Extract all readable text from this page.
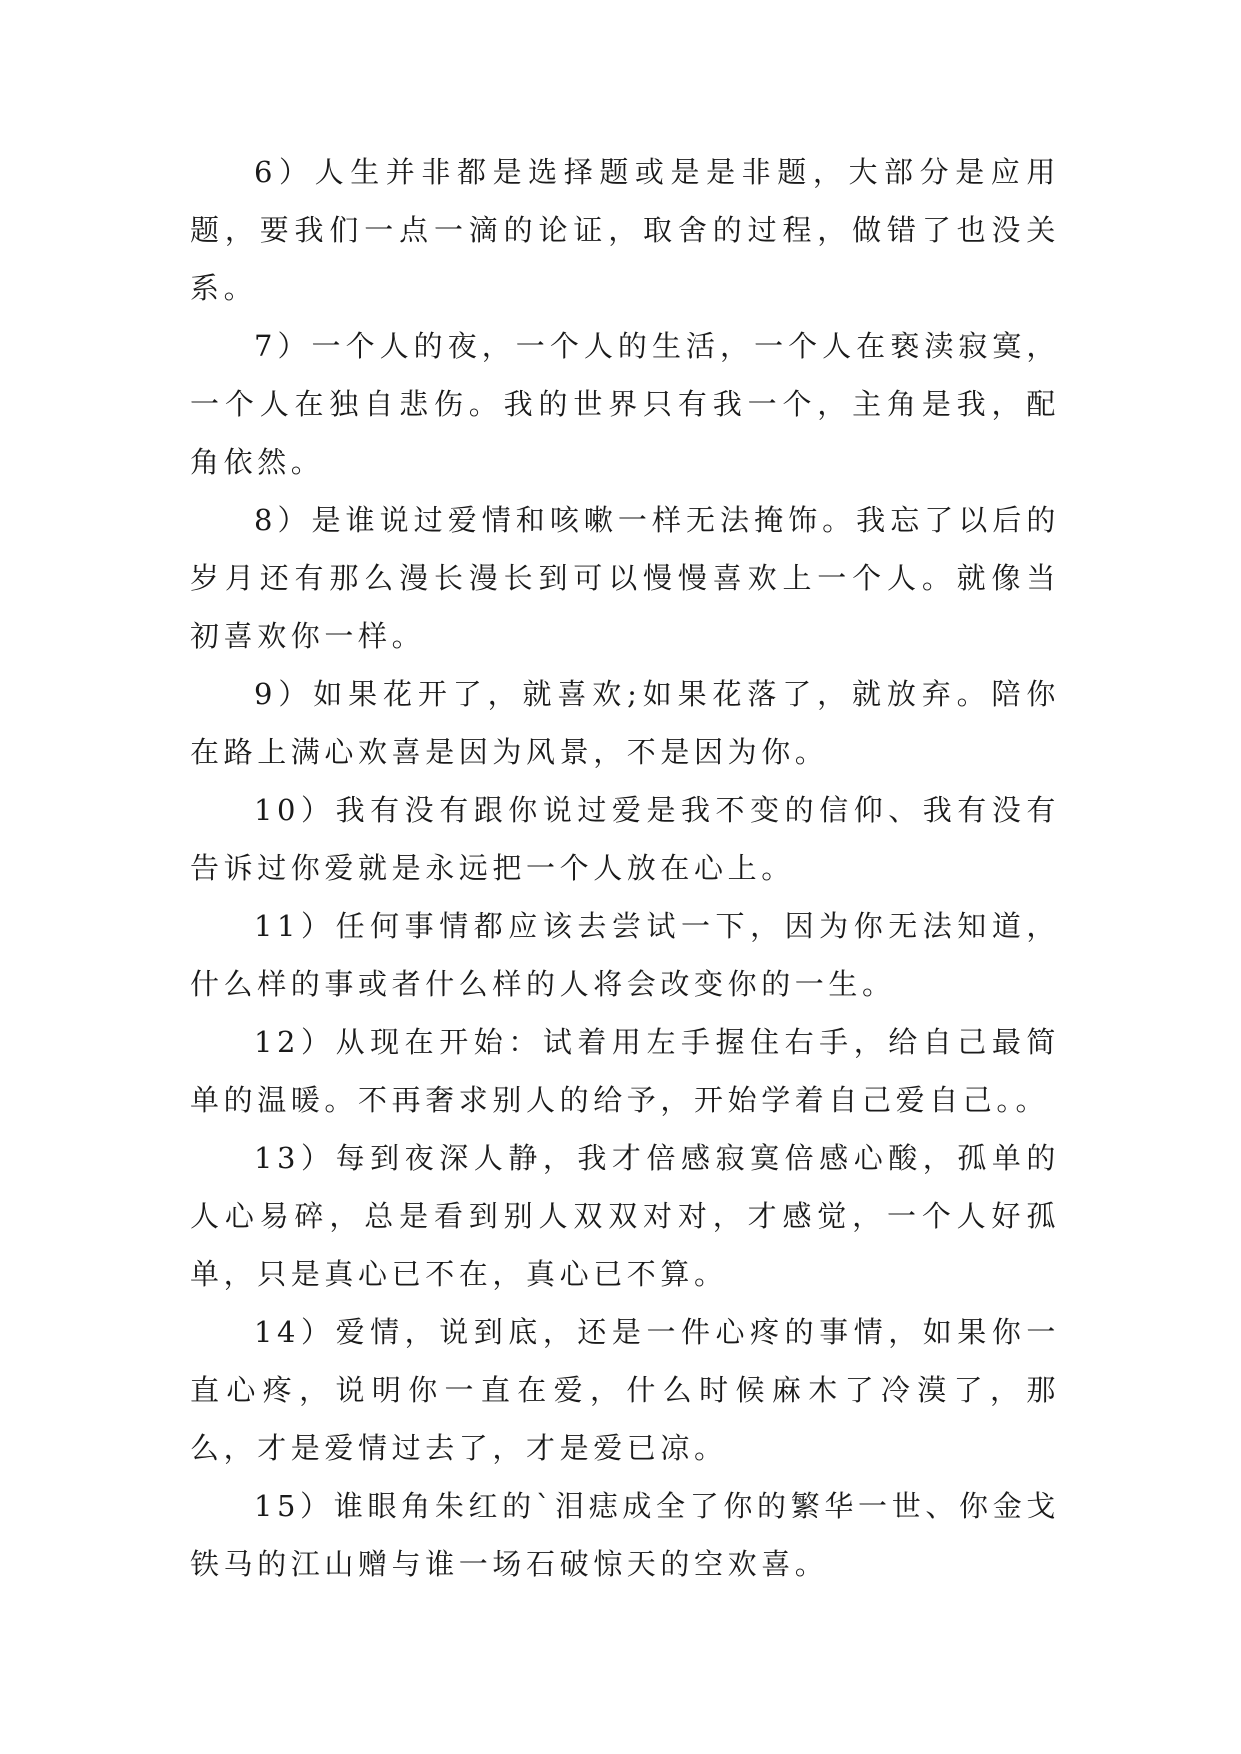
6）人生并非都是选择题或是是非题，大部分是应用题，要我们一点一滴的论证，取舍的过程，做错了也没关系。

7）一个人的夜，一个人的生活，一个人在亵渎寂寞，一个人在独自悲伤。我的世界只有我一个，主角是我，配角依然。

8）是谁说过爱情和咳嗽一样无法掩饰。我忘了以后的岁月还有那么漫长漫长到可以慢慢喜欢上一个人。就像当初喜欢你一样。

9）如果花开了，就喜欢;如果花落了，就放弃。陪你在路上满心欢喜是因为风景，不是因为你。

10）我有没有跟你说过爱是我不变的信仰、我有没有告诉过你爱就是永远把一个人放在心上。

11）任何事情都应该去尝试一下，因为你无法知道，什么样的事或者什么样的人将会改变你的一生。

12）从现在开始：试着用左手握住右手，给自己最简单的温暖。不再奢求别人的给予，开始学着自己爱自己。。

13）每到夜深人静，我才倍感寂寞倍感心酸，孤单的人心易碎，总是看到别人双双对对，才感觉，一个人好孤单，只是真心已不在，真心已不算。

14）爱情，说到底，还是一件心疼的事情，如果你一直心疼，说明你一直在爱，什么时候麻木了冷漠了，那么，才是爱情过去了，才是爱已凉。

15）谁眼角朱红的`泪痣成全了你的繁华一世、你金戈铁马的江山赠与谁一场石破惊天的空欢喜。
